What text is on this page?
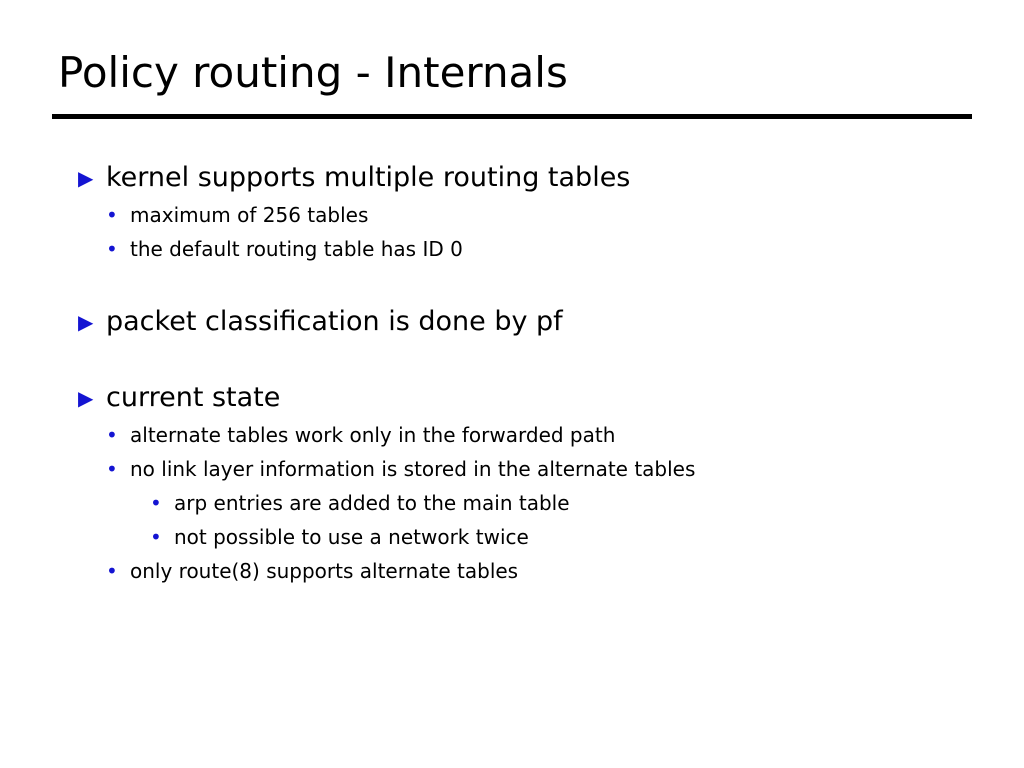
Policy routing - Internals
▶ kernel supports multiple routing tables
• maximum of 256 tables
• the default routing table has ID 0
▶ packet classification is done by pf
▶ current state
• alternate tables work only in the forwarded path
• no link layer information is stored in the alternate tables
• arp entries are added to the main table
• not possible to use a network twice
• only route(8) supports alternate tables
